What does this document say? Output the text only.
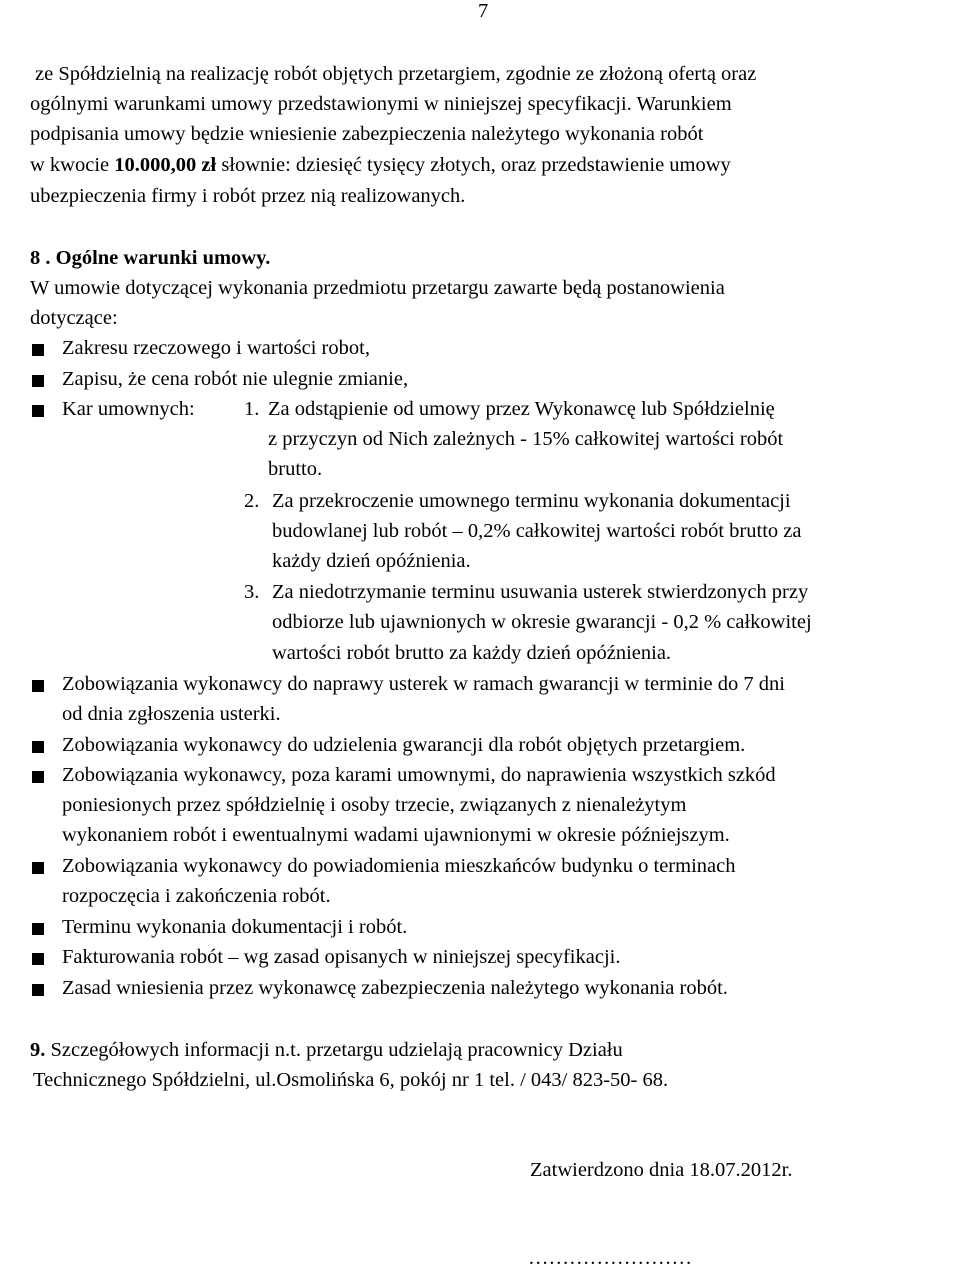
7
ze Spółdzielnią na realizację robót objętych przetargiem, zgodnie ze złożoną ofertą oraz
ogólnymi warunkami umowy przedstawionymi w niniejszej specyfikacji. Warunkiem
podpisania umowy będzie wniesienie zabezpieczenia należytego wykonania robót
w kwocie 10.000,00 zł słownie: dziesięć tysięcy złotych, oraz przedstawienie umowy
ubezpieczenia firmy i robót przez nią realizowanych.
8 . Ogólne warunki umowy.
W umowie dotyczącej wykonania przedmiotu przetargu zawarte będą postanowienia
dotyczące:
Zakresu rzeczowego i wartości robot,
Zapisu, że cena robót nie ulegnie zmianie,
Kar umownych: 1. Za odstąpienie od umowy przez Wykonawcę lub Spółdzielnię
z przyczyn od Nich zależnych - 15% całkowitej wartości robót
brutto.
2. Za przekroczenie umownego terminu wykonania dokumentacji
budowlanej lub robót – 0,2% całkowitej wartości robót brutto za
każdy dzień opóźnienia.
3. Za niedotrzymanie terminu usuwania usterek stwierdzonych przy
odbiorze lub ujawnionych w okresie gwarancji - 0,2 % całkowitej
wartości robót brutto za każdy dzień opóźnienia.
Zobowiązania wykonawcy do naprawy usterek w ramach gwarancji w terminie do 7 dni
od dnia zgłoszenia usterki.
Zobowiązania wykonawcy do udzielenia gwarancji dla robót objętych przetargiem.
Zobowiązania wykonawcy, poza karami umownymi, do naprawienia wszystkich szkód
poniesionych przez spółdzielnię i osoby trzecie, związanych z nienależytym
wykonaniem robót i ewentualnymi wadami ujawnionymi w okresie późniejszym.
Zobowiązania wykonawcy do powiadomienia mieszkańców budynku o terminach
rozpoczęcia i zakończenia robót.
Terminu wykonania dokumentacji i robót.
Fakturowania robót – wg zasad opisanych w niniejszej specyfikacji.
Zasad wniesienia przez wykonawcę zabezpieczenia należytego wykonania robót.
9. Szczegółowych informacji n.t. przetargu udzielają pracownicy Działu
Technicznego Spółdzielni, ul.Osmolińska 6, pokój nr 1 tel. / 043/ 823-50- 68.
Zatwierdzono dnia 18.07.2012r.
……………………
